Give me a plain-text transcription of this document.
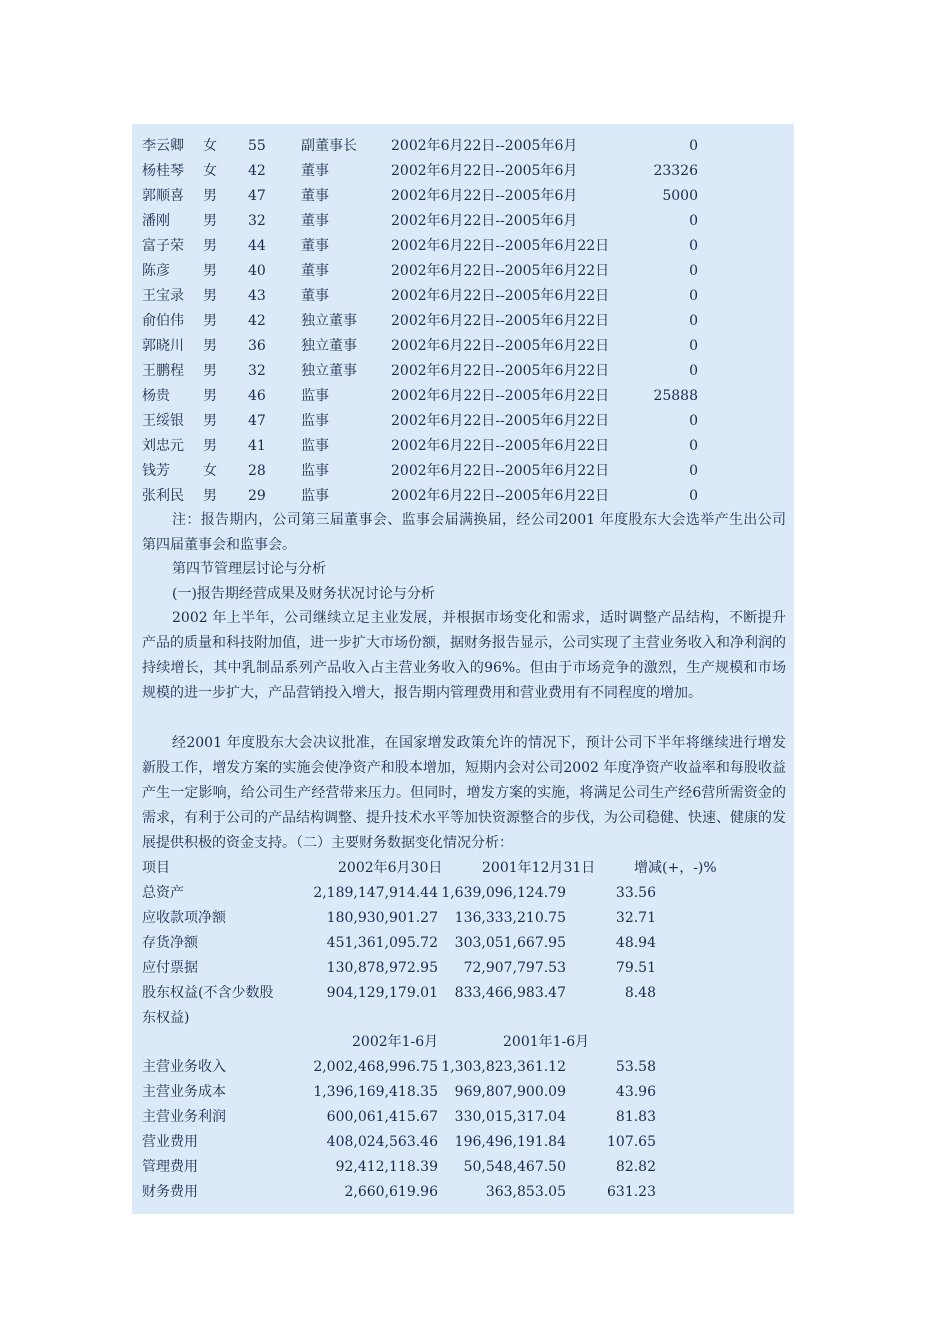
李云卿 女 55	副董事长 2002年6月22日--2005年6月	0
杨桂琴 女 42	董事	2002年6月22日--2005年6月	23326
郭顺喜 男 47	董事	2002年6月22日--2005年6月	5000
潘刚 男 32	董事	2002年6月22日--2005年6月	0
富子荣 男 44	董事	2002年6月22日--2005年6月22日	0
陈彦 男 40	董事	2002年6月22日--2005年6月22日	0
王宝录 男 43	董事	2002年6月22日--2005年6月22日	0
俞伯伟 男 42	独立董事 2002年6月22日--2005年6月22日	0
郭晓川 男 36	独立董事 2002年6月22日--2005年6月22日	0
王鹏程 男 32	独立董事 2002年6月22日--2005年6月22日	0
杨贵 男 46	监事	2002年6月22日--2005年6月22日	25888
王绥银 男 47	监事	2002年6月22日--2005年6月22日	0
刘忠元 男 41	监事	2002年6月22日--2005年6月22日	0
钱芳 女 28	监事	2002年6月22日--2005年6月22日	0
张利民 男 29	监事	2002年6月22日--2005年6月22日	0
注：报告期内，公司第三届董事会、监事会届满换届，经公司2001 年度股东大会选举产生出公司第四届董事会和监事会。
第四节管理层讨论与分析
(一)报告期经营成果及财务状况讨论与分析
2002 年上半年，公司继续立足主业发展，并根据市场变化和需求，适时调整产品结构，不断提升产品的质量和科技附加值，进一步扩大市场份额，据财务报告显示，公司实现了主营业务收入和净利润的持续增长，其中乳制品系列产品收入占主营业务收入的96%。但由于市场竞争的激烈，生产规模和市场规模的进一步扩大，产品营销投入增大，报告期内管理费用和营业费用有不同程度的增加。
经2001 年度股东大会决议批准，在国家增发政策允许的情况下，预计公司下半年将继续进行增发新股工作，增发方案的实施会使净资产和股本增加，短期内会对公司2002 年度净资产收益率和每股收益产生一定影响，给公司生产经营带来压力。但同时，增发方案的实施，将满足公司生产经6营所需资金的需求，有利于公司的产品结构调整、提升技术水平等加快资源整合的步伐，为公司稳健、快速、健康的发展提供积极的资金支持。（二）主要财务数据变化情况分析：
项目	2002年6月30日	2001年12月31日	增减(+，-)%
总资产	2,189,147,914.44 1,639,096,124.79	33.56
应收款项净额	180,930,901.27	136,333,210.75	32.71
存货净额	451,361,095.72	303,051,667.95	48.94
应付票据	130,878,972.95	72,907,797.53	79.51
股东权益(不含少数股	904,129,179.01	833,466,983.47	8.48
东权益)
2002年1-6月	2001年1-6月
主营业务收入	2,002,468,996.75 1,303,823,361.12	53.58
主营业务成本	1,396,169,418.35	969,807,900.09	43.96
主营业务利润	600,061,415.67	330,015,317.04	81.83
营业费用	408,024,563.46	196,496,191.84	107.65
管理费用	92,412,118.39	50,548,467.50	82.82
财务费用	2,660,619.96	363,853.05	631.23
